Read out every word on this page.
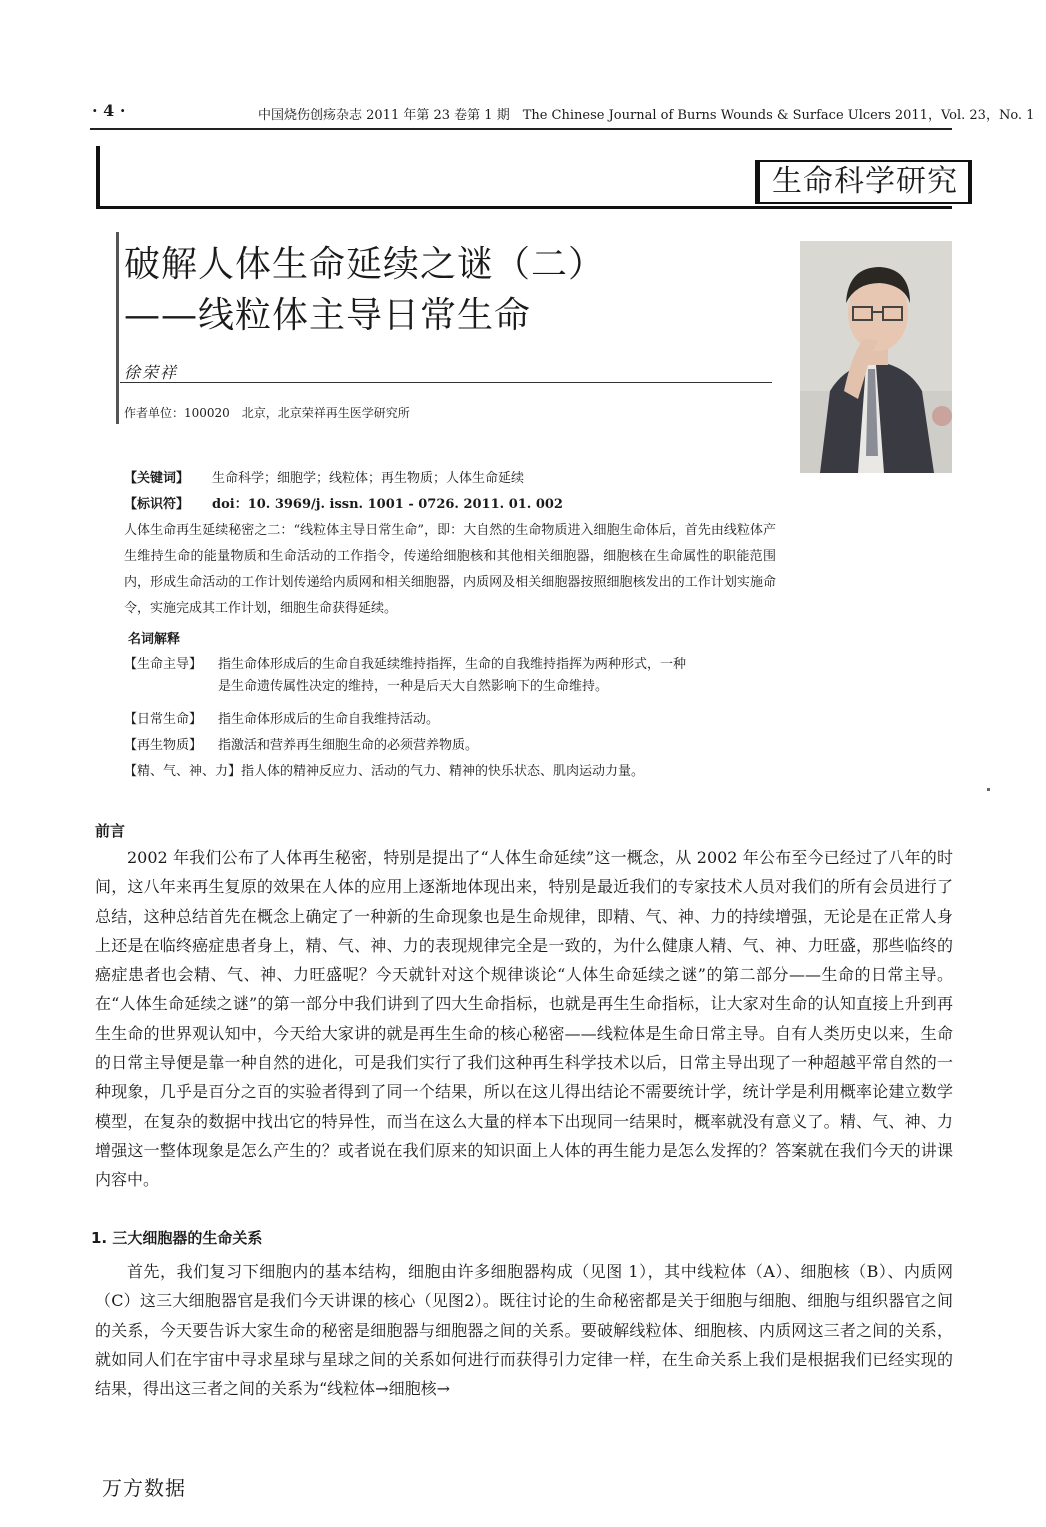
· 4 ·	中国烧伤创疡杂志 2011 年第 23 卷第 1 期　The Chinese Journal of Burns Wounds & Surface Ulcers 2011，Vol. 23，No. 1
生命科学研究
破解人体生命延续之谜（二）
——线粒体主导日常生命
徐荣祥
作者单位：100020　北京，北京荣祥再生医学研究所
【关键词】 生命科学；细胞学；线粒体；再生物质；人体生命延续
【标识符】 doi：10. 3969/j. issn. 1001 - 0726. 2011. 01. 002
人体生命再生延续秘密之二：“线粒体主导日常生命”，即：大自然的生命物质进入细胞生命体后，首先由线粒体产生维持生命的能量物质和生命活动的工作指令，传递给细胞核和其他相关细胞器，细胞核在生命属性的职能范围内，形成生命活动的工作计划传递给内质网和相关细胞器，内质网及相关细胞器按照细胞核发出的工作计划实施命令，实施完成其工作计划，细胞生命获得延续。
名词解释
【生命主导】 指生命体形成后的生命自我延续维持指挥，生命的自我维持指挥为两种形式，一种
是生命遗传属性决定的维持，一种是后天大自然影响下的生命维持。
【日常生命】 指生命体形成后的生命自我维持活动。
【再生物质】 指激活和营养再生细胞生命的必须营养物质。
【精、气、神、力】指人体的精神反应力、活动的气力、精神的快乐状态、肌肉运动力量。
前言
2002 年我们公布了人体再生秘密，特别是提出了“人体生命延续”这一概念，从 2002 年公布至今已经过了八年的时间，这八年来再生复原的效果在人体的应用上逐渐地体现出来，特别是最近我们的专家技术人员对我们的所有会员进行了总结，这种总结首先在概念上确定了一种新的生命现象也是生命规律，即精、气、神、力的持续增强，无论是在正常人身上还是在临终癌症患者身上，精、气、神、力的表现规律完全是一致的，为什么健康人精、气、神、力旺盛，那些临终的癌症患者也会精、气、神、力旺盛呢？今天就针对这个规律谈论“人体生命延续之谜”的第二部分——生命的日常主导。在“人体生命延续之谜”的第一部分中我们讲到了四大生命指标，也就是再生生命指标，让大家对生命的认知直接上升到再生生命的世界观认知中，今天给大家讲的就是再生生命的核心秘密——线粒体是生命日常主导。自有人类历史以来，生命的日常主导便是靠一种自然的进化，可是我们实行了我们这种再生科学技术以后，日常主导出现了一种超越平常自然的一种现象，几乎是百分之百的实验者得到了同一个结果，所以在这儿得出结论不需要统计学，统计学是利用概率论建立数学模型，在复杂的数据中找出它的特异性，而当在这么大量的样本下出现同一结果时，概率就没有意义了。精、气、神、力增强这一整体现象是怎么产生的？或者说在我们原来的知识面上人体的再生能力是怎么发挥的？答案就在我们今天的讲课内容中。
1. 三大细胞器的生命关系
首先，我们复习下细胞内的基本结构，细胞由许多细胞器构成（见图 1），其中线粒体（A）、细胞核（B）、内质网（C）这三大细胞器官是我们今天讲课的核心（见图2）。既往讨论的生命秘密都是关于细胞与细胞、细胞与组织器官之间的关系，今天要告诉大家生命的秘密是细胞器与细胞器之间的关系。要破解线粒体、细胞核、内质网这三者之间的关系，就如同人们在宇宙中寻求星球与星球之间的关系如何进行而获得引力定律一样，在生命关系上我们是根据我们已经实现的结果，得出这三者之间的关系为“线粒体→细胞核→
万方数据
